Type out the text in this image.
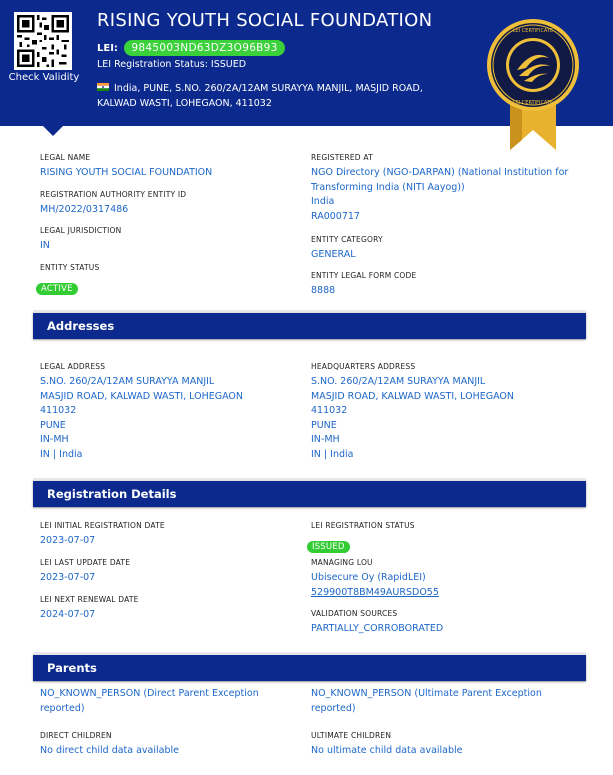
Check Validity
RISING YOUTH SOCIAL FOUNDATION
LEI: 9845003ND63DZ3O96B93
LEI Registration Status: ISSUED
India, PUNE, S.NO. 260/2A/12AM SURAYYA MANJIL, MASJID ROAD,
KALWAD WASTI, LOHEGAON, 411032
LEI CERTIFICATE
LEI CERTIFICATE
LEGAL NAME
RISING YOUTH SOCIAL FOUNDATION
REGISTRATION AUTHORITY ENTITY ID
MH/2022/0317486
LEGAL JURISDICTION
IN
ENTITY STATUS
ACTIVE
REGISTERED AT
NGO Directory (NGO-DARPAN) (National Institution for
Transforming India (NITI Aayog))
India
RA000717
ENTITY CATEGORY
GENERAL
ENTITY LEGAL FORM CODE
8888
Addresses
LEGAL ADDRESS
S.NO. 260/2A/12AM SURAYYA MANJIL
MASJID ROAD, KALWAD WASTI, LOHEGAON
411032
PUNE
IN-MH
IN | India
HEADQUARTERS ADDRESS
S.NO. 260/2A/12AM SURAYYA MANJIL
MASJID ROAD, KALWAD WASTI, LOHEGAON
411032
PUNE
IN-MH
IN | India
Registration Details
LEI INITIAL REGISTRATION DATE
2023-07-07
LEI LAST UPDATE DATE
2023-07-07
LEI NEXT RENEWAL DATE
2024-07-07
LEI REGISTRATION STATUS
ISSUED
MANAGING LOU
Ubisecure Oy (RapidLEI)
529900T8BM49AURSDO55
VALIDATION SOURCES
PARTIALLY_CORROBORATED
Parents
NO_KNOWN_PERSON (Direct Parent Exception
reported)
NO_KNOWN_PERSON (Ultimate Parent Exception
reported)
DIRECT CHILDREN
No direct child data available
ULTIMATE CHILDREN
No ultimate child data available
